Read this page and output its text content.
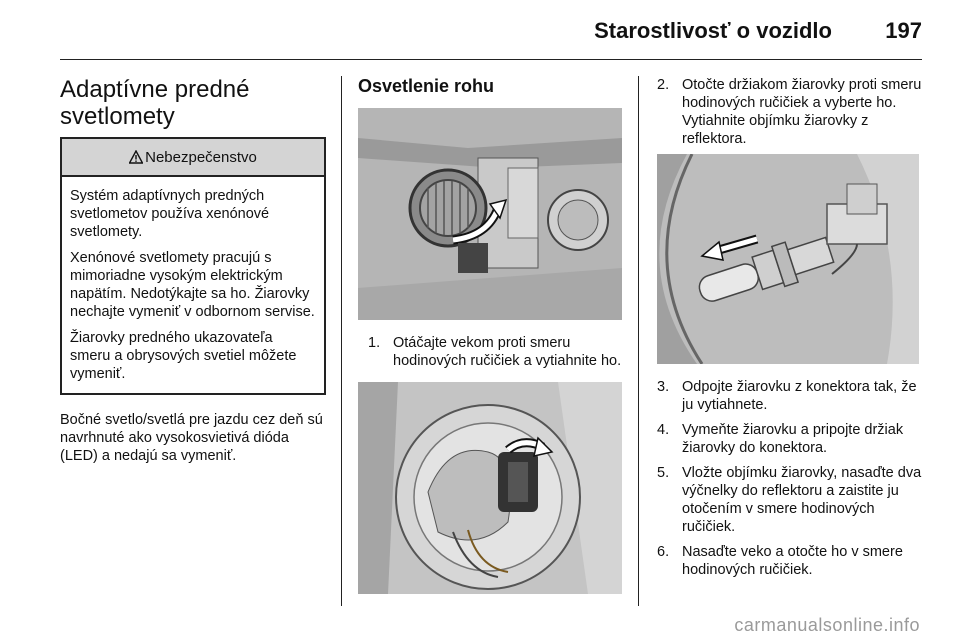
Starostlivosť o vozidlo 197
Adaptívne predné
svetlomety
Nebezpečenstvo

Systém adaptívnych predných svetlometov používa xenónové svetlomety.

Xenónové svetlomety pracujú s mimoriadne vysokým elektrickým napätím. Nedotýkajte sa ho. Žiarovky nechajte vymeniť v odbornom servise.

Žiarovky predného ukazovateľa smeru a obrysových svetiel môžete vymeniť.

Bočné svetlo/svetlá pre jazdu cez deň sú navrhnuté ako vysokosvietivá dióda (LED) a nedajú sa vymeniť.
Osvetlenie rohu
1. Otáčajte vekom proti smeru hodinových ručičiek a vytiahnite ho.
2. Otočte držiakom žiarovky proti smeru hodinových ručičiek a vyberte ho. Vytiahnite objímku žiarovky z reflektora.
3. Odpojte žiarovku z konektora tak, že ju vytiahnete.
4. Vymeňte žiarovku a pripojte držiak žiarovky do konektora.
5. Vložte objímku žiarovky, nasaďte dva výčnelky do reflektoru a zaistite ju otočením v smere hodinových ručičiek.
6. Nasaďte veko a otočte ho v smere hodinových ručičiek.
carmanualsonline.info
